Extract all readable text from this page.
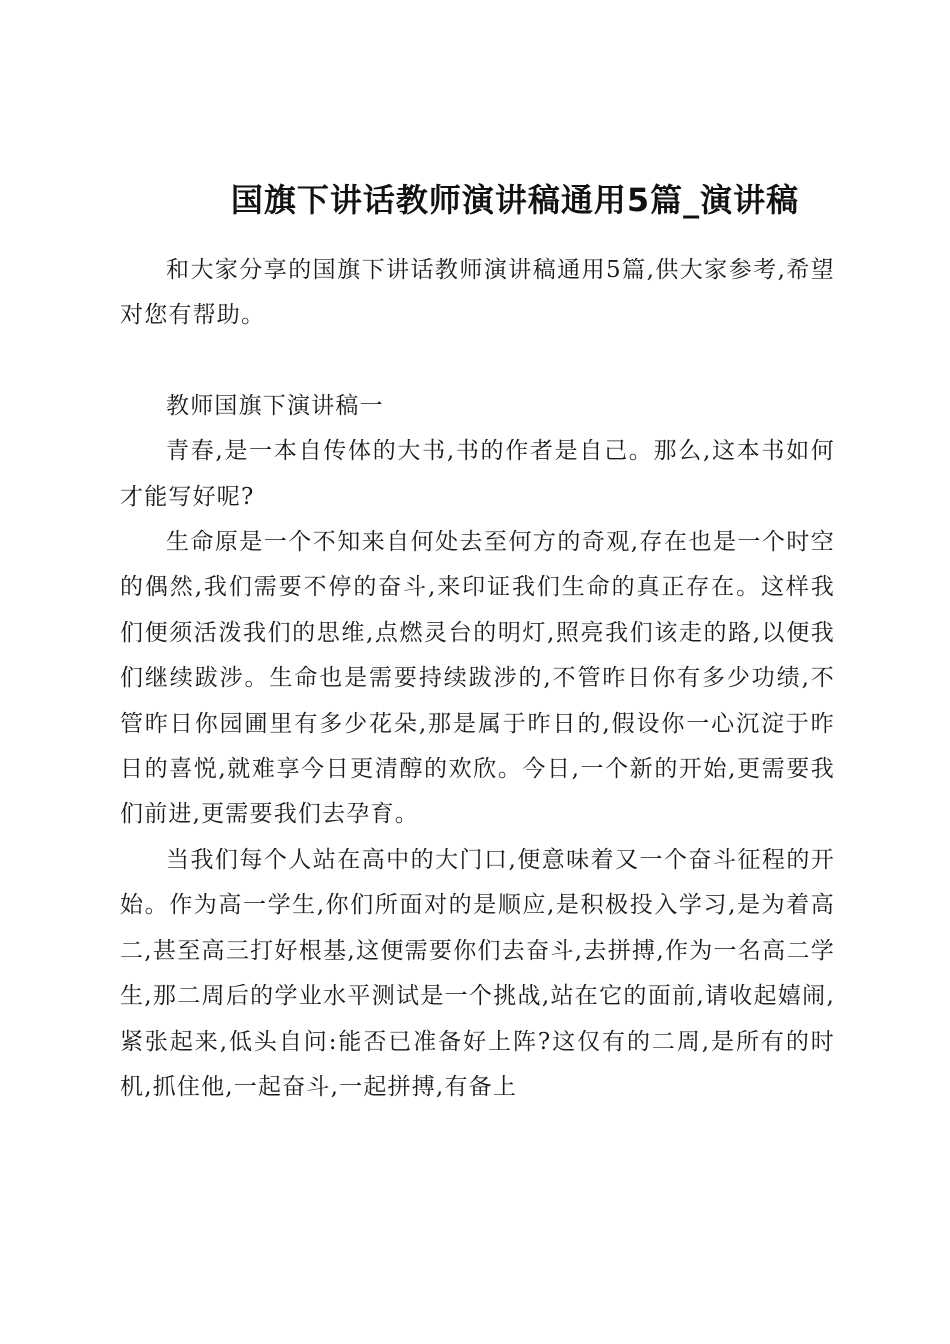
国旗下讲话教师演讲稿通用5篇_演讲稿

和大家分享的国旗下讲话教师演讲稿通用5篇,供大家参考,希望对您有帮助。

教师国旗下演讲稿一

青春,是一本自传体的大书,书的作者是自己。那么,这本书如何才能写好呢?

生命原是一个不知来自何处去至何方的奇观,存在也是一个时空的偶然,我们需要不停的奋斗,来印证我们生命的真正存在。这样我们便须活泼我们的思维,点燃灵台的明灯,照亮我们该走的路,以便我们继续跋涉。生命也是需要持续跋涉的,不管昨日你有多少功绩,不管昨日你园圃里有多少花朵,那是属于昨日的,假设你一心沉淀于昨日的喜悦,就难享今日更清醇的欢欣。今日,一个新的开始,更需要我们前进,更需要我们去孕育。

当我们每个人站在高中的大门口,便意味着又一个奋斗征程的开始。作为高一学生,你们所面对的是顺应,是积极投入学习,是为着高二,甚至高三打好根基,这便需要你们去奋斗,去拼搏,作为一名高二学生,那二周后的学业水平测试是一个挑战,站在它的面前,请收起嬉闹,紧张起来,低头自问:能否已准备好上阵?这仅有的二周,是所有的时机,抓住他,一起奋斗,一起拼搏,有备上
